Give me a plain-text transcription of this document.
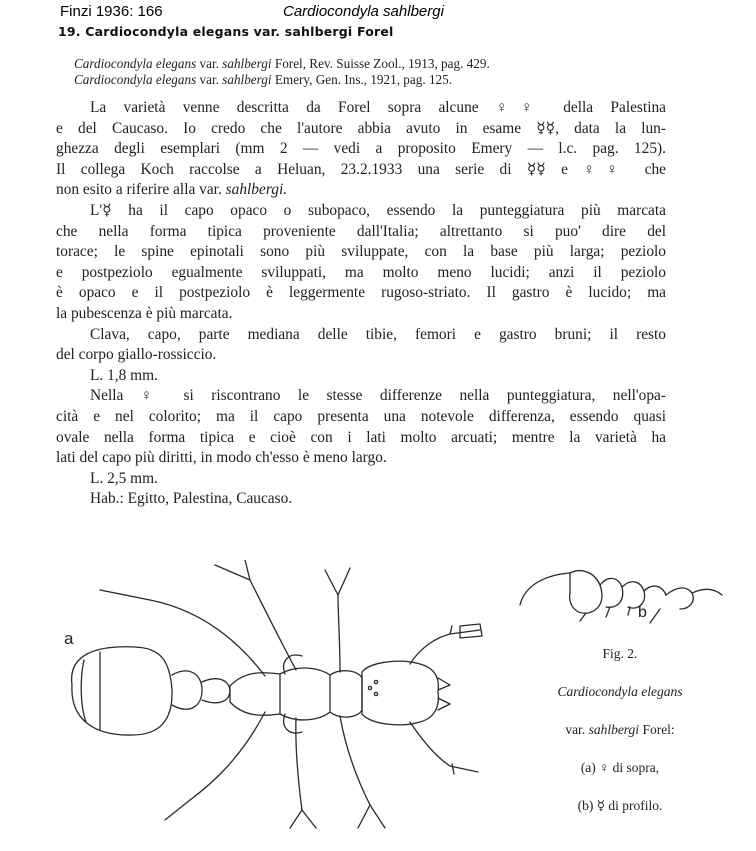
Finzi 1936: 166	Cardiocondyla sahlbergi
19. Cardiocondyla elegans var. sahlbergi Forel
Cardiocondyla elegans var. sahlbergi Forel, Rev. Suisse Zool., 1913, pag. 429.
Cardiocondyla elegans var. sahlbergi Emery, Gen. Ins., 1921, pag. 125.
La varietà venne descritta da Forel sopra alcune ♀♀ della Palestina
e del Caucaso. Io credo che l'autore abbia avuto in esame ☿☿, data la lun-
ghezza degli esemplari (mm 2 — vedi a proposito Emery — l.c. pag. 125).
Il collega Koch raccolse a Heluan, 23.2.1933 una serie di ☿☿ e ♀♀ che
non esito a riferire alla var. sahlbergi.
L'☿ ha il capo opaco o subopaco, essendo la punteggiatura più marcata
che nella forma tipica proveniente dall'Italia; altrettanto si puo' dire del
torace; le spine epinotali sono più sviluppate, con la base più larga; peziolo
e postpeziolo egualmente sviluppati, ma molto meno lucidi; anzi il peziolo
è opaco e il postpeziolo è leggermente rugoso-striato. Il gastro è lucido; ma
la pubescenza è più marcata.
Clava, capo, parte mediana delle tibie, femori e gastro bruni; il resto
del corpo giallo-rossiccio.
L. 1,8 mm.
Nella ♀ si riscontrano le stesse differenze nella punteggiatura, nell'opa-
cità e nel colorito; ma il capo presenta una notevole differenza, essendo quasi
ovale nella forma tipica e cioè con i lati molto arcuati; mentre la varietà ha
lati del capo più diritti, in modo ch'esso è meno largo.
L. 2,5 mm.
Hab.: Egitto, Palestina, Caucaso.
a
b
Fig. 2.
Cardiocondyla elegans
var. sahlbergi Forel:
(a) ♀ di sopra,
(b) ☿ di profilo.
